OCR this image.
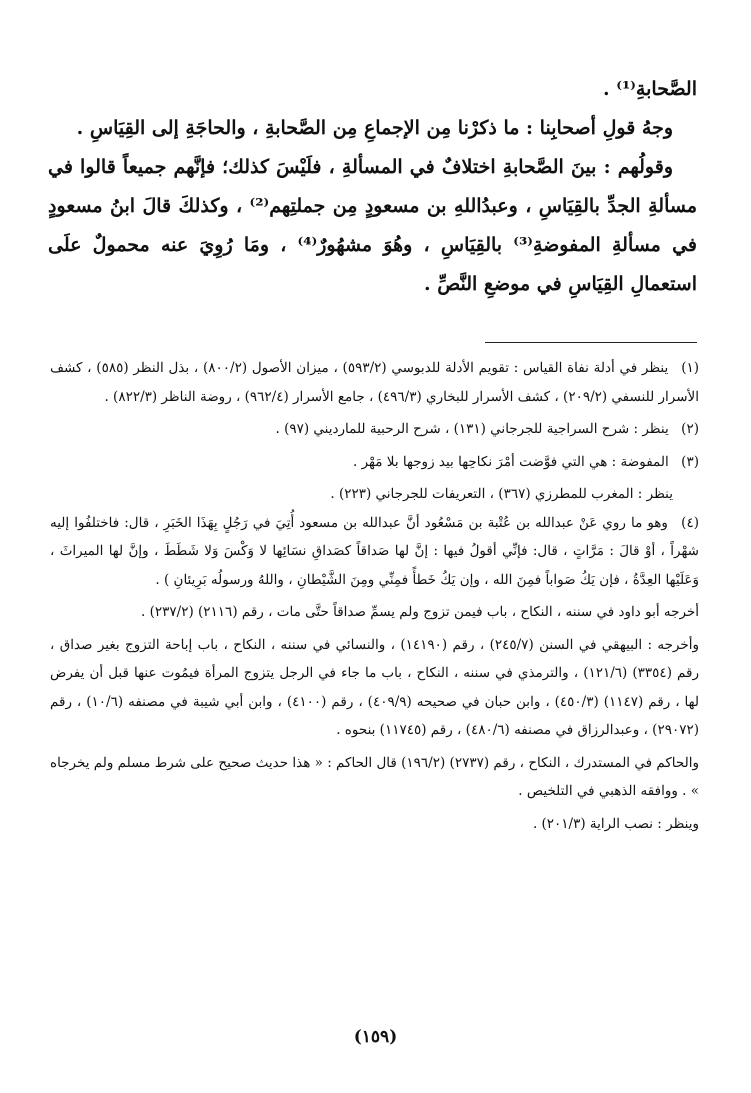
الصَّحابةِ⁽¹⁾ .

وجهُ قولِ أصحابِنا : ما ذكرْنا مِن الإجماعِ مِن الصَّحابةِ ، والحاجَةِ إلى القِيَاسِ .

وقولُهم : بينَ الصَّحابةِ اختلافٌ في المسألةِ ، فلَيْسَ كذلك؛ فإنَّهم جميعاً قالوا في مسألةِ الجدِّ بالقِيَاسِ ، وعبدُاللهِ بن مسعودٍ مِن جملتِهم⁽²⁾ ، وكذلكَ قالَ ابنُ مسعودٍ في مسألةِ المفوضةِ⁽³⁾ بالقِيَاسِ ، وهُوَ مشهُورٌ⁽⁴⁾ ، ومَا رُوِيَ عنه محمولٌ علَى استعمالِ القِيَاسِ في موضعِ النَّصِّ .

(١) ينظر في أدلة نفاة القياس : تقويم الأدلة للدبوسي (٥٩٣/٢) ، ميزان الأصول (٨٠٠/٢) ، بذل النظر (٥٨٥) ، كشف الأسرار للنسفي (٢٠٩/٢) ، كشف الأسرار للبخاري (٤٩٦/٣) ، جامع الأسرار (٩٦٢/٤) ، روضة الناظر (٨٢٢/٣) .

(٢) ينظر : شرح السراجية للجرجاني (١٣١) ، شرح الرحبية للمارديني (٩٧) .

(٣) المفوضة : هي التي فوَّضت أمْرَ نكاحِها بيد زوجها بلا مَهْر .

ينظر : المغرب للمطرزي (٣٦٧) ، التعريفات للجرجاني (٢٢٣) .

(٤) وهو ما روي عَنْ عبدالله بن عُتْبة بن مَسْعُود أنَّ عبدالله بن مسعود أُتِيَ في رَجُلٍ بِهَذَا الخَبَرِ ، قال: فاختلفُوا إليه شهْراً ، أوْ قالَ : مَرَّاتٍ ، قال: فإنِّي أقولُ فيها : إنَّ لها صَداقاً كصَداقِ نسَائِها لا وَكْسَ وَلا شَطَطَ ، وإنَّ لها الميراثَ ، وَعَلَيْها العِدَّةُ ، فإن يَكُ صَواباً فمِنَ الله ، وإن يَكُ خَطأً فمِنِّي ومِنَ الشَّيْطانِ ، واللهُ ورسولُه بَرِيئانِ ) .

أخرجه أبو داود في سننه ، النكاح ، باب فيمن تزوج ولم يسمِّ صداقاً حتَّى مات ، رقم (٢١١٦) (٢٣٧/٢) .

وأخرجه : البيهقي في السنن (٢٤٥/٧) ، رقم (١٤١٩٠) ، والنسائي في سننه ، النكاح ، باب إباحة التزوج بغير صداق ، رقم (٣٣٥٤) (١٢١/٦) ، والترمذي في سننه ، النكاح ، باب ما جاء في الرجل يتزوج المرأة فيمُوت عنها قبل أن يفرض لها ، رقم (١١٤٧) (٤٥٠/٣) ، وابن حبان في صحيحه (٤٠٩/٩) ، رقم (٤١٠٠) ، وابن أبي شيبة في مصنفه (١٠/٦) ، رقم (٢٩٠٧٢) ، وعبدالرزاق في مصنفه (٤٨٠/٦) ، رقم (١١٧٤٥) بنحوه .

والحاكم في المستدرك ، النكاح ، رقم (٢٧٣٧) (١٩٦/٢) قال الحاكم : « هذا حديث صحيح على شرط مسلم ولم يخرجاه » . ووافقه الذهبي في التلخيص .

وينظر : نصب الراية (٢٠١/٣) .

(١٥٩)
